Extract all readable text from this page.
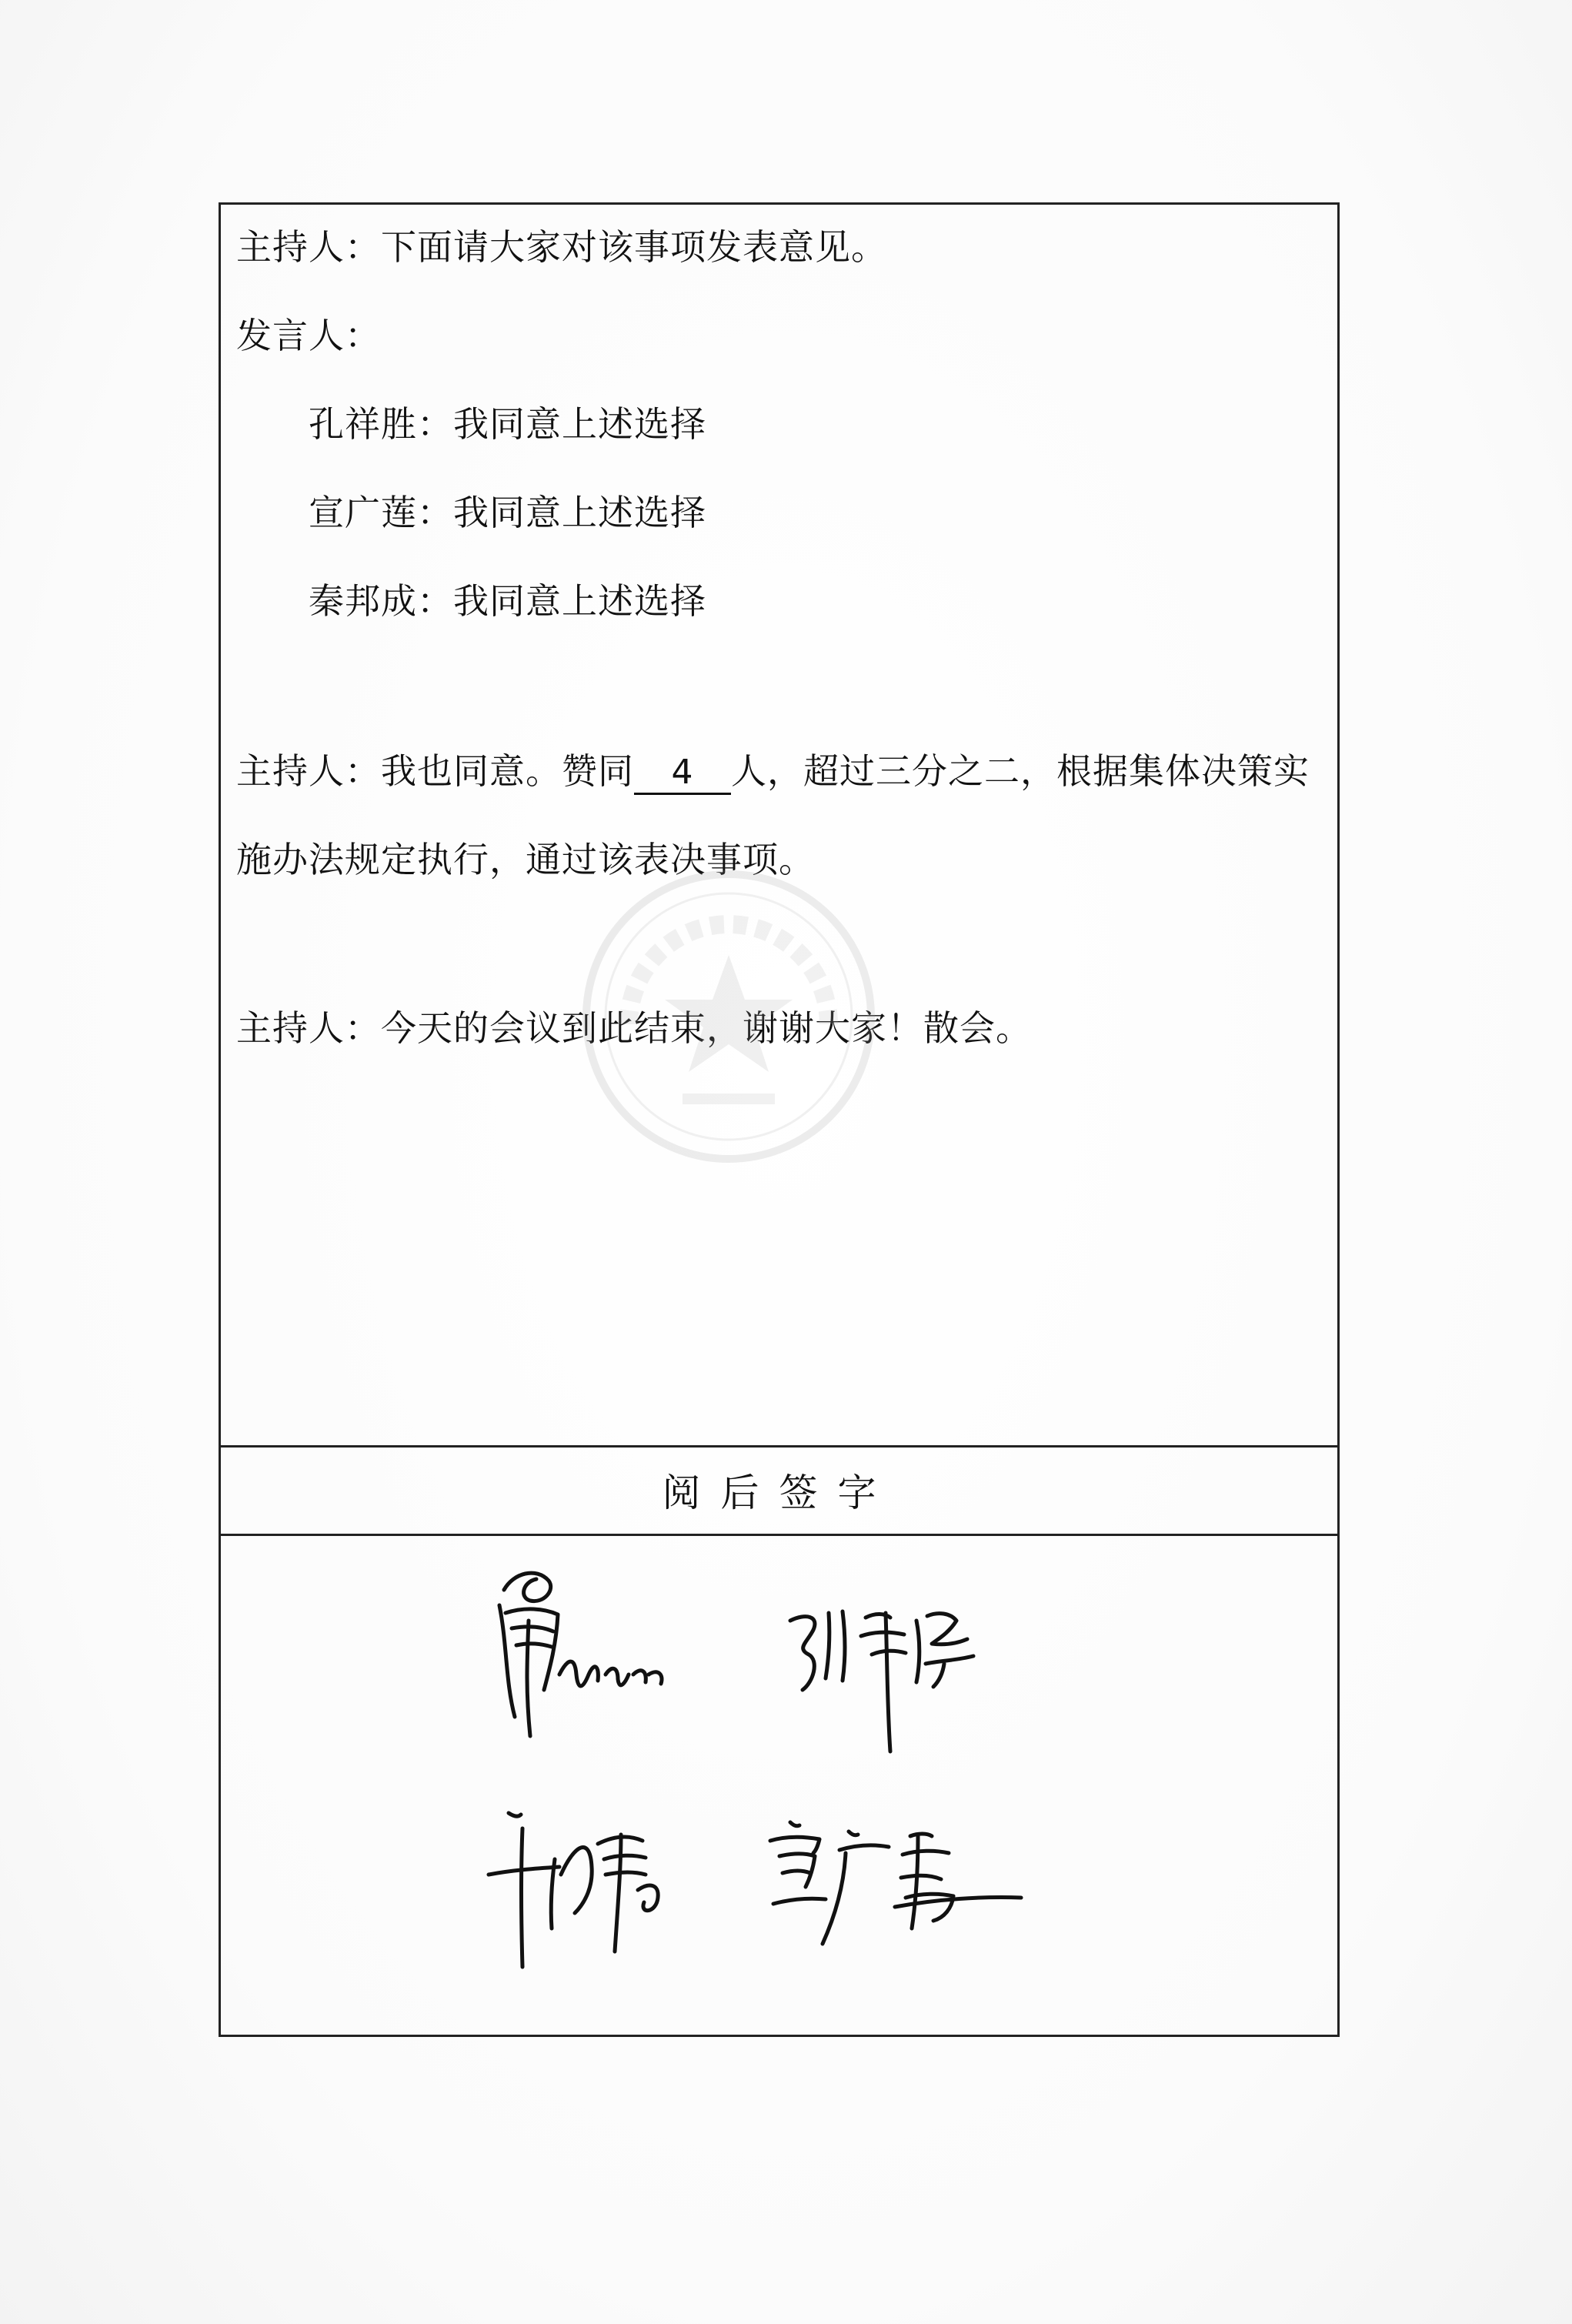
主持人：下面请大家对该事项发表意见。
发言人：
孔祥胜：我同意上述选择
宣广莲：我同意上述选择
秦邦成：我同意上述选择
主持人：我也同意。赞同 4 人，超过三分之二，根据集体决策实
施办法规定执行，通过该表决事项。
主持人：今天的会议到此结束，谢谢大家！散会。
阅后签字
